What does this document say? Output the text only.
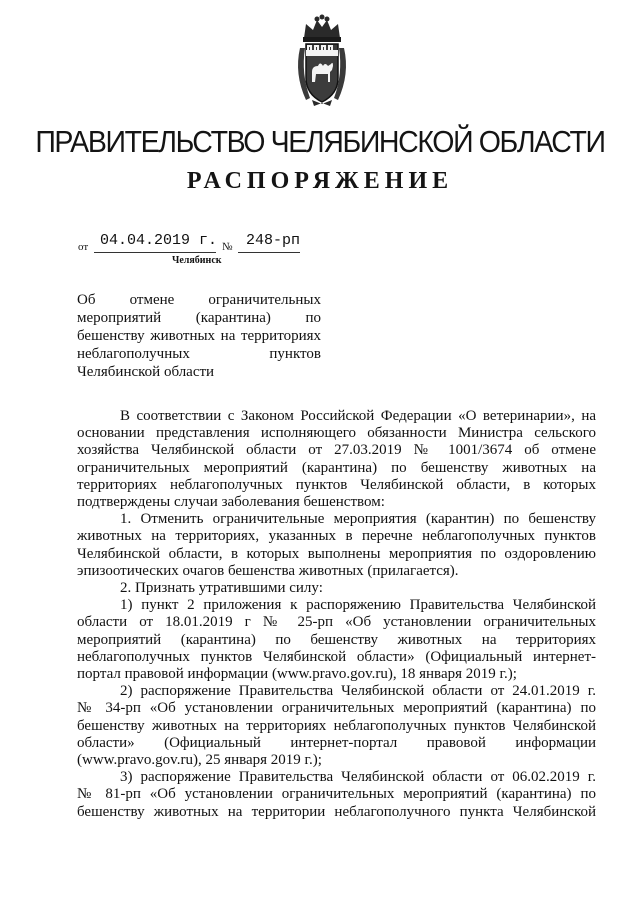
ПРАВИТЕЛЬСТВО ЧЕЛЯБИНСКОЙ ОБЛАСТИ
РАСПОРЯЖЕНИЕ
от 04.04.2019 г. № 248-рп
Челябинск
Об отмене ограничительных
мероприятий (карантина) по
бешенству животных на территориях
неблагополучных пунктов
Челябинской области

В соответствии с Законом Российской Федерации «О ветеринарии», на

основании представления исполняющего обязанности Министра сельского

хозяйства Челябинской области от 27.03.2019 № 1001/3674 об отмене

ограничительных мероприятий (карантина) по бешенству животных на

территориях неблагополучных пунктов Челябинской области, в которых

подтверждены случаи заболевания бешенством:

1. Отменить ограничительные мероприятия (карантин) по бешенству

животных на территориях, указанных в перечне неблагополучных пунктов

Челябинской области, в которых выполнены мероприятия по оздоровлению

эпизоотических очагов бешенства животных (прилагается).

2. Признать утратившими силу:

1) пункт 2 приложения к распоряжению Правительства Челябинской

области от 18.01.2019 г № 25-рп «Об установлении ограничительных

мероприятий (карантина) по бешенству животных на территориях

неблагополучных пунктов Челябинской области» (Официальный интернет-

портал правовой информации (www.pravo.gov.ru), 18 января 2019 г.);

2) распоряжение Правительства Челябинской области от 24.01.2019 г.

№ 34-рп «Об установлении ограничительных мероприятий (карантина) по

бешенству животных на территориях неблагополучных пунктов Челябинской

области» (Официальный интернет-портал правовой информации

(www.pravo.gov.ru), 25 января 2019 г.);

3) распоряжение Правительства Челябинской области от 06.02.2019 г.

№ 81-рп «Об установлении ограничительных мероприятий (карантина) по

бешенству животных на территории неблагополучного пункта Челябинской
